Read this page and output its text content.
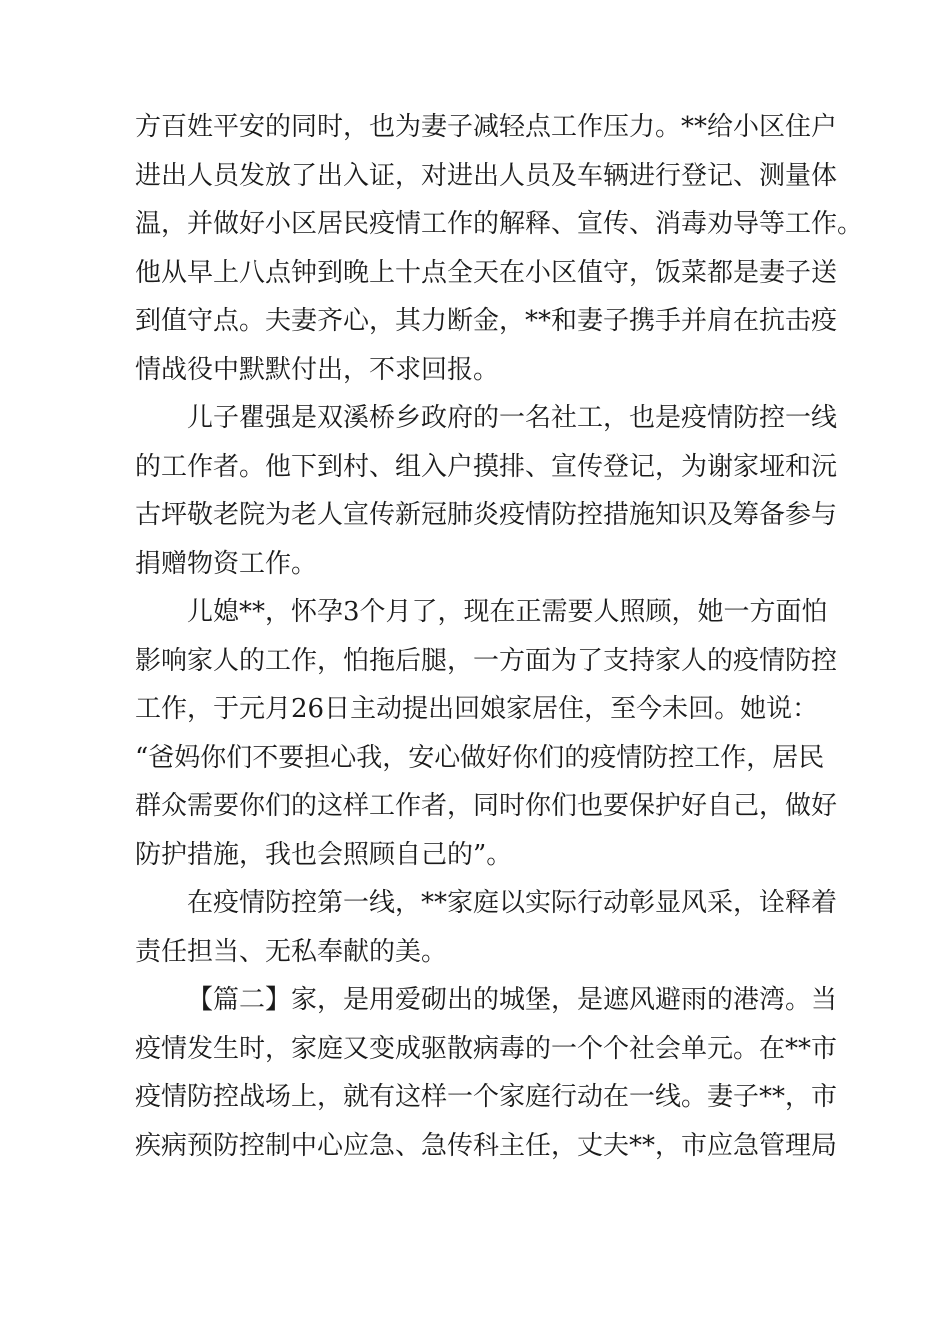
方百姓平安的同时，也为妻子减轻点工作压力。**给小区住户
进出人员发放了出入证，对进出人员及车辆进行登记、测量体
温，并做好小区居民疫情工作的解释、宣传、消毒劝导等工作。
他从早上八点钟到晚上十点全天在小区值守，饭菜都是妻子送
到值守点。夫妻齐心，其力断金，**和妻子携手并肩在抗击疫
情战役中默默付出，不求回报。
儿子瞿强是双溪桥乡政府的一名社工，也是疫情防控一线
的工作者。他下到村、组入户摸排、宣传登记，为谢家垭和沅
古坪敬老院为老人宣传新冠肺炎疫情防控措施知识及筹备参与
捐赠物资工作。
儿媳**，怀孕3个月了，现在正需要人照顾，她一方面怕
影响家人的工作，怕拖后腿，一方面为了支持家人的疫情防控
工作，于元月26日主动提出回娘家居住，至今未回。她说：
“爸妈你们不要担心我，安心做好你们的疫情防控工作，居民
群众需要你们的这样工作者，同时你们也要保护好自己，做好
防护措施，我也会照顾自己的”。
在疫情防控第一线，**家庭以实际行动彰显风采，诠释着
责任担当、无私奉献的美。
【篇二】家，是用爱砌出的城堡，是遮风避雨的港湾。当
疫情发生时，家庭又变成驱散病毒的一个个社会单元。在**市
疫情防控战场上，就有这样一个家庭行动在一线。妻子**，市
疾病预防控制中心应急、急传科主任，丈夫**，市应急管理局
